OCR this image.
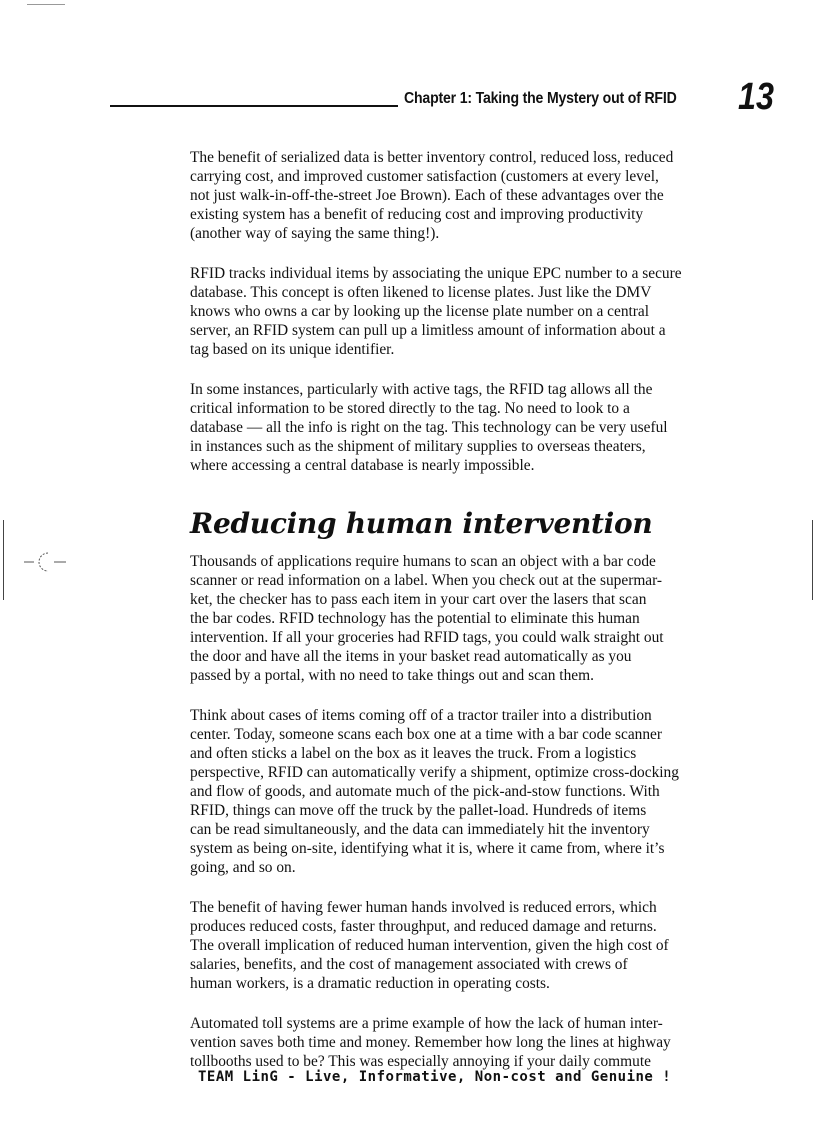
Chapter 1: Taking the Mystery out of RFID 13

The benefit of serialized data is better inventory control, reduced loss, reduced
carrying cost, and improved customer satisfaction (customers at every level,
not just walk-in-off-the-street Joe Brown). Each of these advantages over the
existing system has a benefit of reducing cost and improving productivity
(another way of saying the same thing!).

RFID tracks individual items by associating the unique EPC number to a secure
database. This concept is often likened to license plates. Just like the DMV
knows who owns a car by looking up the license plate number on a central
server, an RFID system can pull up a limitless amount of information about a
tag based on its unique identifier.

In some instances, particularly with active tags, the RFID tag allows all the
critical information to be stored directly to the tag. No need to look to a
database — all the info is right on the tag. This technology can be very useful
in instances such as the shipment of military supplies to overseas theaters,
where accessing a central database is nearly impossible.

Reducing human intervention

Thousands of applications require humans to scan an object with a bar code
scanner or read information on a label. When you check out at the supermar-
ket, the checker has to pass each item in your cart over the lasers that scan
the bar codes. RFID technology has the potential to eliminate this human
intervention. If all your groceries had RFID tags, you could walk straight out
the door and have all the items in your basket read automatically as you
passed by a portal, with no need to take things out and scan them.

Think about cases of items coming off of a tractor trailer into a distribution
center. Today, someone scans each box one at a time with a bar code scanner
and often sticks a label on the box as it leaves the truck. From a logistics
perspective, RFID can automatically verify a shipment, optimize cross-docking
and flow of goods, and automate much of the pick-and-stow functions. With
RFID, things can move off the truck by the pallet-load. Hundreds of items
can be read simultaneously, and the data can immediately hit the inventory
system as being on-site, identifying what it is, where it came from, where it’s
going, and so on.

The benefit of having fewer human hands involved is reduced errors, which
produces reduced costs, faster throughput, and reduced damage and returns.
The overall implication of reduced human intervention, given the high cost of
salaries, benefits, and the cost of management associated with crews of
human workers, is a dramatic reduction in operating costs.

Automated toll systems are a prime example of how the lack of human inter-
vention saves both time and money. Remember how long the lines at highway
tollbooths used to be? This was especially annoying if your daily commute

TEAM LinG - Live, Informative, Non-cost and Genuine !
